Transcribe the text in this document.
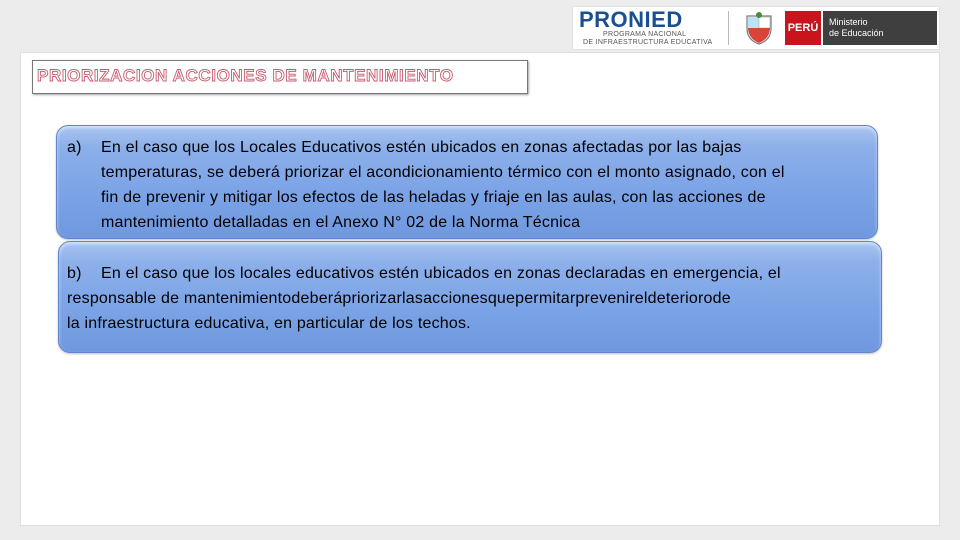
PRONIED
PROGRAMA NACIONAL
DE INFRAESTRUCTURA EDUCATIVA
PERÚ	Ministerio
de Educación
PRIORIZACION ACCIONES DE MANTENIMIENTO
a) En el caso que los Locales Educativos estén ubicados en zonas afectadas por las bajas
temperaturas, se deberá priorizar el acondicionamiento térmico con el monto asignado, con el
fin de prevenir y mitigar los efectos de las heladas y friaje en las aulas, con las acciones de
mantenimiento detalladas en el Anexo N° 02 de la Norma Técnica
b) En el caso que los locales educativos estén ubicados en zonas declaradas en emergencia, el
responsable de mantenimientodeberápriorizarlasaccionesquepermitarprevenireldeteriorode
la infraestructura educativa, en particular de los techos.
